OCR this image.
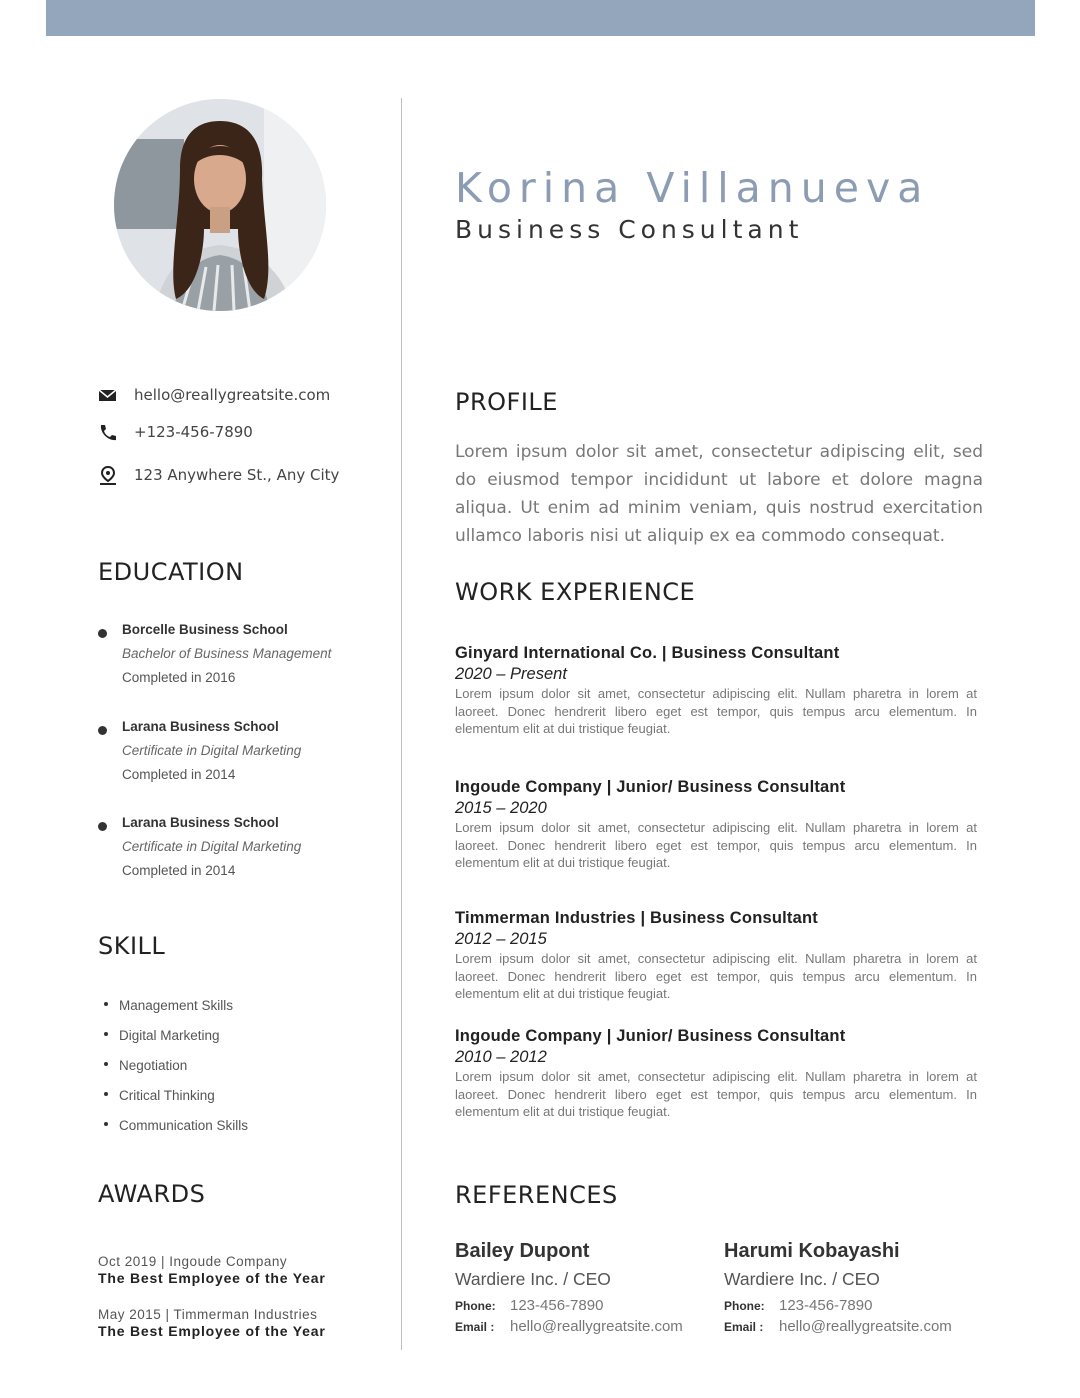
Korina Villanueva
Business Consultant
hello@reallygreatsite.com
+123-456-7890
123 Anywhere St., Any City
EDUCATION
Borcelle Business School
Bachelor of Business Management
Completed in 2016
Larana Business School
Certificate in Digital Marketing
Completed in 2014
Larana Business School
Certificate in Digital Marketing
Completed in 2014
SKILL
Management Skills
Digital Marketing
Negotiation
Critical Thinking
Communication Skills
AWARDS
Oct 2019 | Ingoude Company
The Best Employee of the Year
May 2015 | Timmerman Industries
The Best Employee of the Year
PROFILE
Lorem ipsum dolor sit amet, consectetur adipiscing elit, sed do eiusmod tempor incididunt ut labore et dolore magna aliqua. Ut enim ad minim veniam, quis nostrud exercitation ullamco laboris nisi ut aliquip ex ea commodo consequat.
WORK EXPERIENCE
Ginyard International Co. | Business Consultant
2020 – Present
Lorem ipsum dolor sit amet, consectetur adipiscing elit. Nullam pharetra in lorem at laoreet. Donec hendrerit libero eget est tempor, quis tempus arcu elementum. In elementum elit at dui tristique feugiat.
Ingoude Company | Junior/ Business Consultant
2015 – 2020
Lorem ipsum dolor sit amet, consectetur adipiscing elit. Nullam pharetra in lorem at laoreet. Donec hendrerit libero eget est tempor, quis tempus arcu elementum. In elementum elit at dui tristique feugiat.
Timmerman Industries | Business Consultant
2012 – 2015
Lorem ipsum dolor sit amet, consectetur adipiscing elit. Nullam pharetra in lorem at laoreet. Donec hendrerit libero eget est tempor, quis tempus arcu elementum. In elementum elit at dui tristique feugiat.
Ingoude Company | Junior/ Business Consultant
2010 – 2012
Lorem ipsum dolor sit amet, consectetur adipiscing elit. Nullam pharetra in lorem at laoreet. Donec hendrerit libero eget est tempor, quis tempus arcu elementum. In elementum elit at dui tristique feugiat.
REFERENCES
Bailey Dupont
Wardiere Inc. / CEO
Phone: 123-456-7890
Email : hello@reallygreatsite.com
Harumi Kobayashi
Wardiere Inc. / CEO
Phone: 123-456-7890
Email : hello@reallygreatsite.com
